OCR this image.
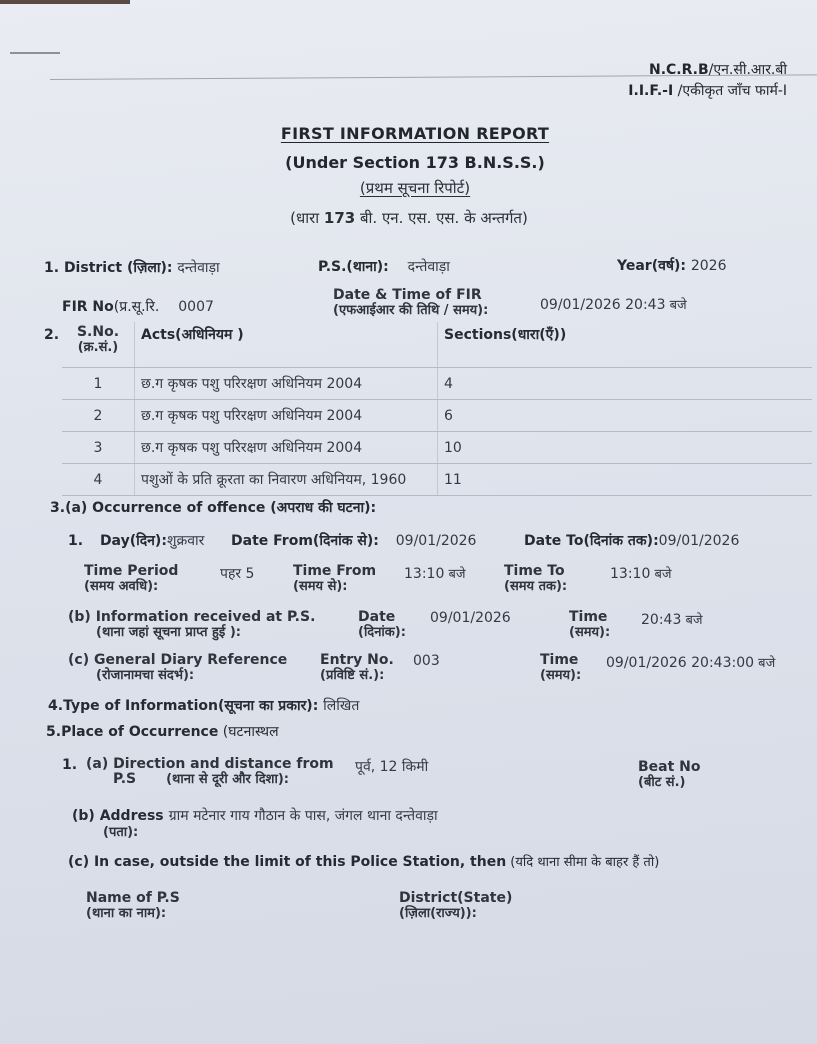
N.C.R.B/एन.सी.आर.बी
I.I.F.-I /एकीकृत जाँच फार्म-I
FIRST INFORMATION REPORT
(Under Section 173 B.N.S.S.)
(प्रथम सूचना रिपोर्ट)
(धारा 173 बी. एन. एस. एस. के अन्तर्गत)
1. District (ज़िला): दन्तेवाड़ा	P.S.(थाना): दन्तेवाड़ा	Year(वर्ष): 2026
FIR No(प्र.सू.रि. 0007
Date & Time of FIR
(एफआईआर की तिथि / समय):	09/01/2026 20:43 बजे
2.	S.No.
(क्र.सं.)	Acts(अधिनियम )	Sections(धारा(एँ))
1	छ.ग कृषक पशु परिरक्षण अधिनियम 2004	4
2	छ.ग कृषक पशु परिरक्षण अधिनियम 2004	6
3	छ.ग कृषक पशु परिरक्षण अधिनियम 2004	10
4	पशुओं के प्रति क्रूरता का निवारण अधिनियम, 1960	11
3.(a) Occurrence of offence (अपराध की घटना):
1. Day(दिन):शुक्रवार Date From(दिनांक से): 09/01/2026	Date To(दिनांक तक):09/01/2026
Time Period
(समय अवधि):
पहर 5	Time From
(समय से):
13:10 बजे	Time To
(समय तक):
13:10 बजे
(b) Information received at P.S.
(थाना जहां सूचना प्राप्त हुई ):
Date
(दिनांक):
09/01/2026	Time
(समय):
20:43 बजे
(c) General Diary Reference
(रोजानामचा संदर्भ):
Entry No.
(प्रविष्टि सं.):
003	Time
(समय):
09/01/2026 20:43:00 बजे
4.Type of Information(सूचना का प्रकार): लिखित
5.Place of Occurrence (घटनास्थल
1. (a) Direction and distance from
P.S (थाना से दूरी और दिशा):
पूर्व, 12 किमी	Beat No
(बीट सं.)
(b) Address ग्राम मटेनार गाय गौठान के पास, जंगल थाना दन्तेवाड़ा
(पता):
(c) In case, outside the limit of this Police Station, then (यदि थाना सीमा के बाहर हैं तो)
Name of P.S
(थाना का नाम):
District(State)
(ज़िला(राज्य)):
